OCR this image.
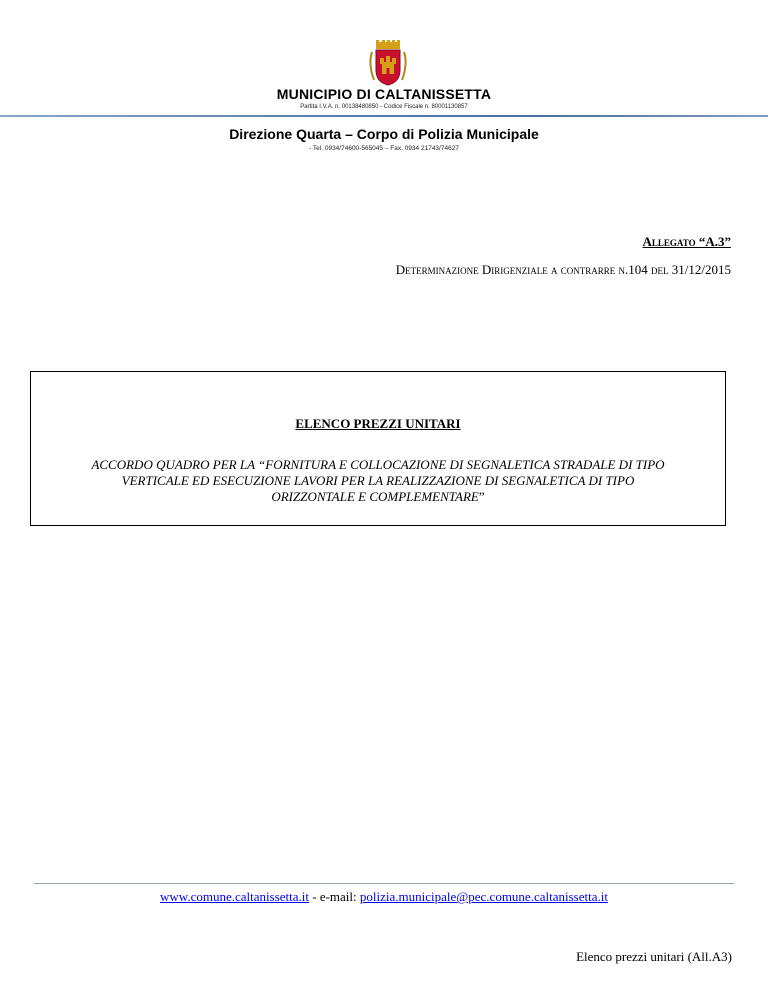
MUNICIPIO DI CALTANISSETTA
Partita I.V.A. n. 00138480850 - Codice Fiscale n. 80001130857
Direzione Quarta – Corpo di Polizia Municipale
- Tel. 0934/74600-565045 – Fax. 0934 21743/74627
Allegato “A.3”
Determinazione Dirigenziale a contrarre n.104 del 31/12/2015
ELENCO PREZZI UNITARI
ACCORDO QUADRO PER LA “FORNITURA E COLLOCAZIONE DI SEGNALETICA STRADALE DI TIPO
VERTICALE ED ESECUZIONE LAVORI PER LA REALIZZAZIONE DI SEGNALETICA DI TIPO
ORIZZONTALE E COMPLEMENTARE”
www.comune.caltanissetta.it - e-mail: polizia.municipale@pec.comune.caltanissetta.it
Elenco prezzi unitari (All.A3)
